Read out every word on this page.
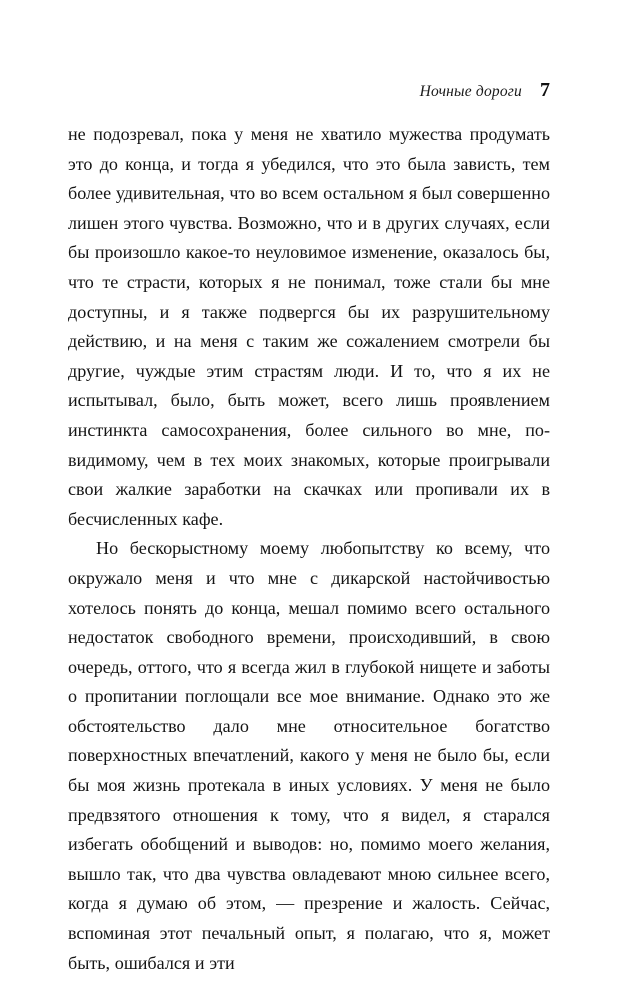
Ночные дороги 7

не подозревал, пока у меня не хватило мужества продумать это до конца, и тогда я убедился, что это была зависть, тем более удивительная, что во всем остальном я был совершенно лишен этого чувства. Возможно, что и в других случаях, если бы произошло какое-то неуловимое изменение, оказалось бы, что те страсти, которых я не понимал, тоже стали бы мне доступны, и я также подвергся бы их разрушительному действию, и на меня с таким же сожалением смотрели бы другие, чуждые этим страстям люди. И то, что я их не испытывал, было, быть может, всего лишь проявлением инстинкта самосохранения, более сильного во мне, по-видимому, чем в тех моих знакомых, которые проигрывали свои жалкие заработки на скачках или пропивали их в бесчисленных кафе.

Но бескорыстному моему любопытству ко всему, что окружало меня и что мне с дикарской настойчивостью хотелось понять до конца, мешал помимо всего остального недостаток свободного времени, происходивший, в свою очередь, оттого, что я всегда жил в глубокой нищете и заботы о пропитании поглощали все мое внимание. Однако это же обстоятельство дало мне относительное богатство поверхностных впечатлений, какого у меня не было бы, если бы моя жизнь протекала в иных условиях. У меня не было предвзятого отношения к тому, что я видел, я старался избегать обобщений и выводов: но, помимо моего желания, вышло так, что два чувства овладевают мною сильнее всего, когда я думаю об этом, — презрение и жалость. Сейчас, вспоминая этот печальный опыт, я полагаю, что я, может быть, ошибался и эти
